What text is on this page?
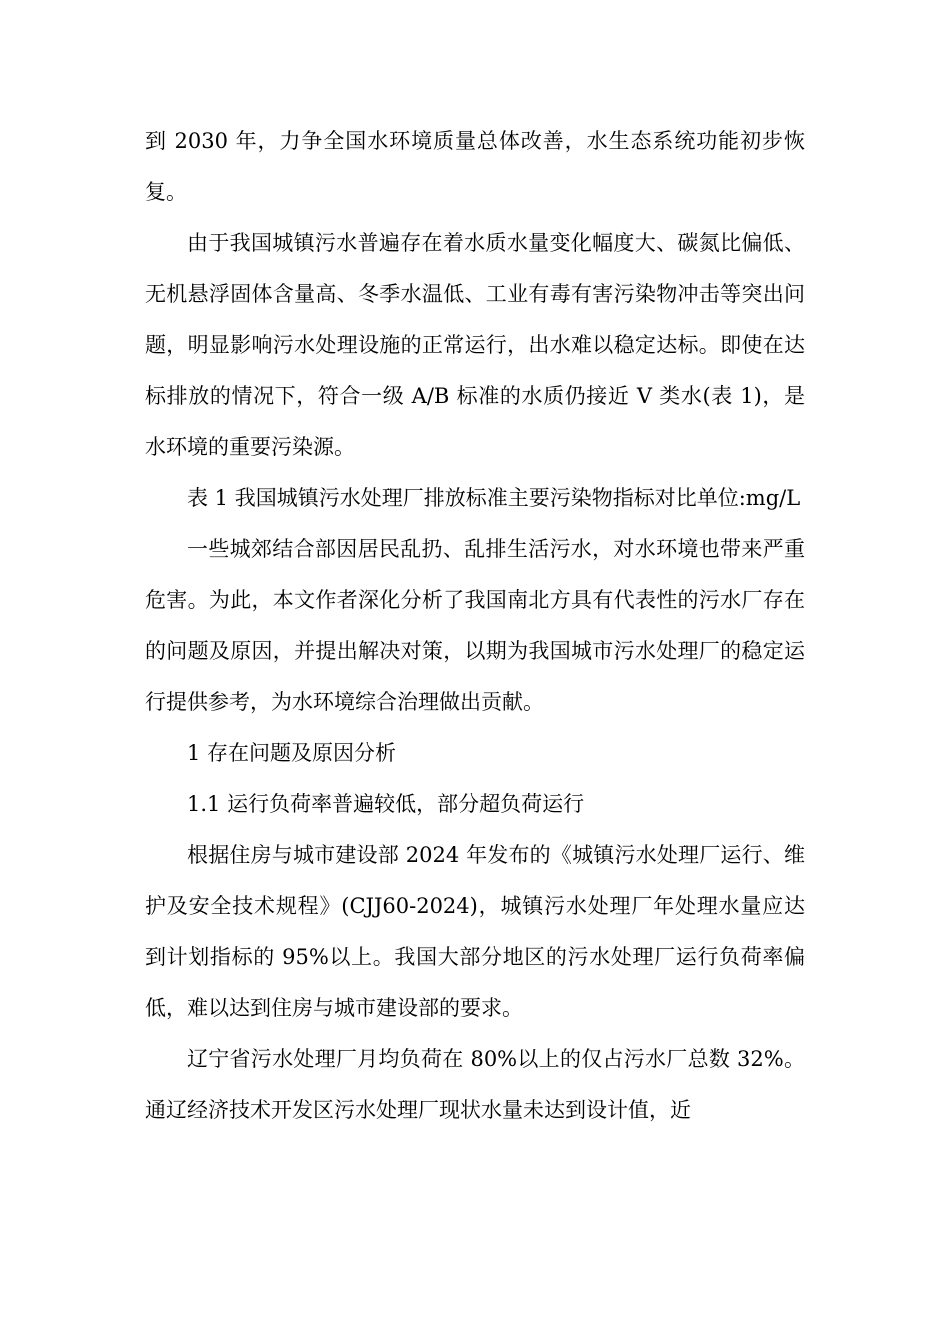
到 2030 年，力争全国水环境质量总体改善，水生态系统功能初步恢复。

由于我国城镇污水普遍存在着水质水量变化幅度大、碳氮比偏低、无机悬浮固体含量高、冬季水温低、工业有毒有害污染物冲击等突出问题，明显影响污水处理设施的正常运行，出水难以稳定达标。即使在达标排放的情况下，符合一级 A/B 标准的水质仍接近 V 类水(表 1)，是水环境的重要污染源。

表 1 我国城镇污水处理厂排放标准主要污染物指标对比单位:mg/L

一些城郊结合部因居民乱扔、乱排生活污水，对水环境也带来严重危害。为此，本文作者深化分析了我国南北方具有代表性的污水厂存在的问题及原因，并提出解决对策，以期为我国城市污水处理厂的稳定运行提供参考，为水环境综合治理做出贡献。

1 存在问题及原因分析

1.1 运行负荷率普遍较低，部分超负荷运行

根据住房与城市建设部 2024 年发布的《城镇污水处理厂运行、维护及安全技术规程》(CJJ60-2024)，城镇污水处理厂年处理水量应达到计划指标的 95%以上。我国大部分地区的污水处理厂运行负荷率偏低，难以达到住房与城市建设部的要求。

辽宁省污水处理厂月均负荷在 80%以上的仅占污水厂总数 32%。通辽经济技术开发区污水处理厂现状水量未达到设计值，近
